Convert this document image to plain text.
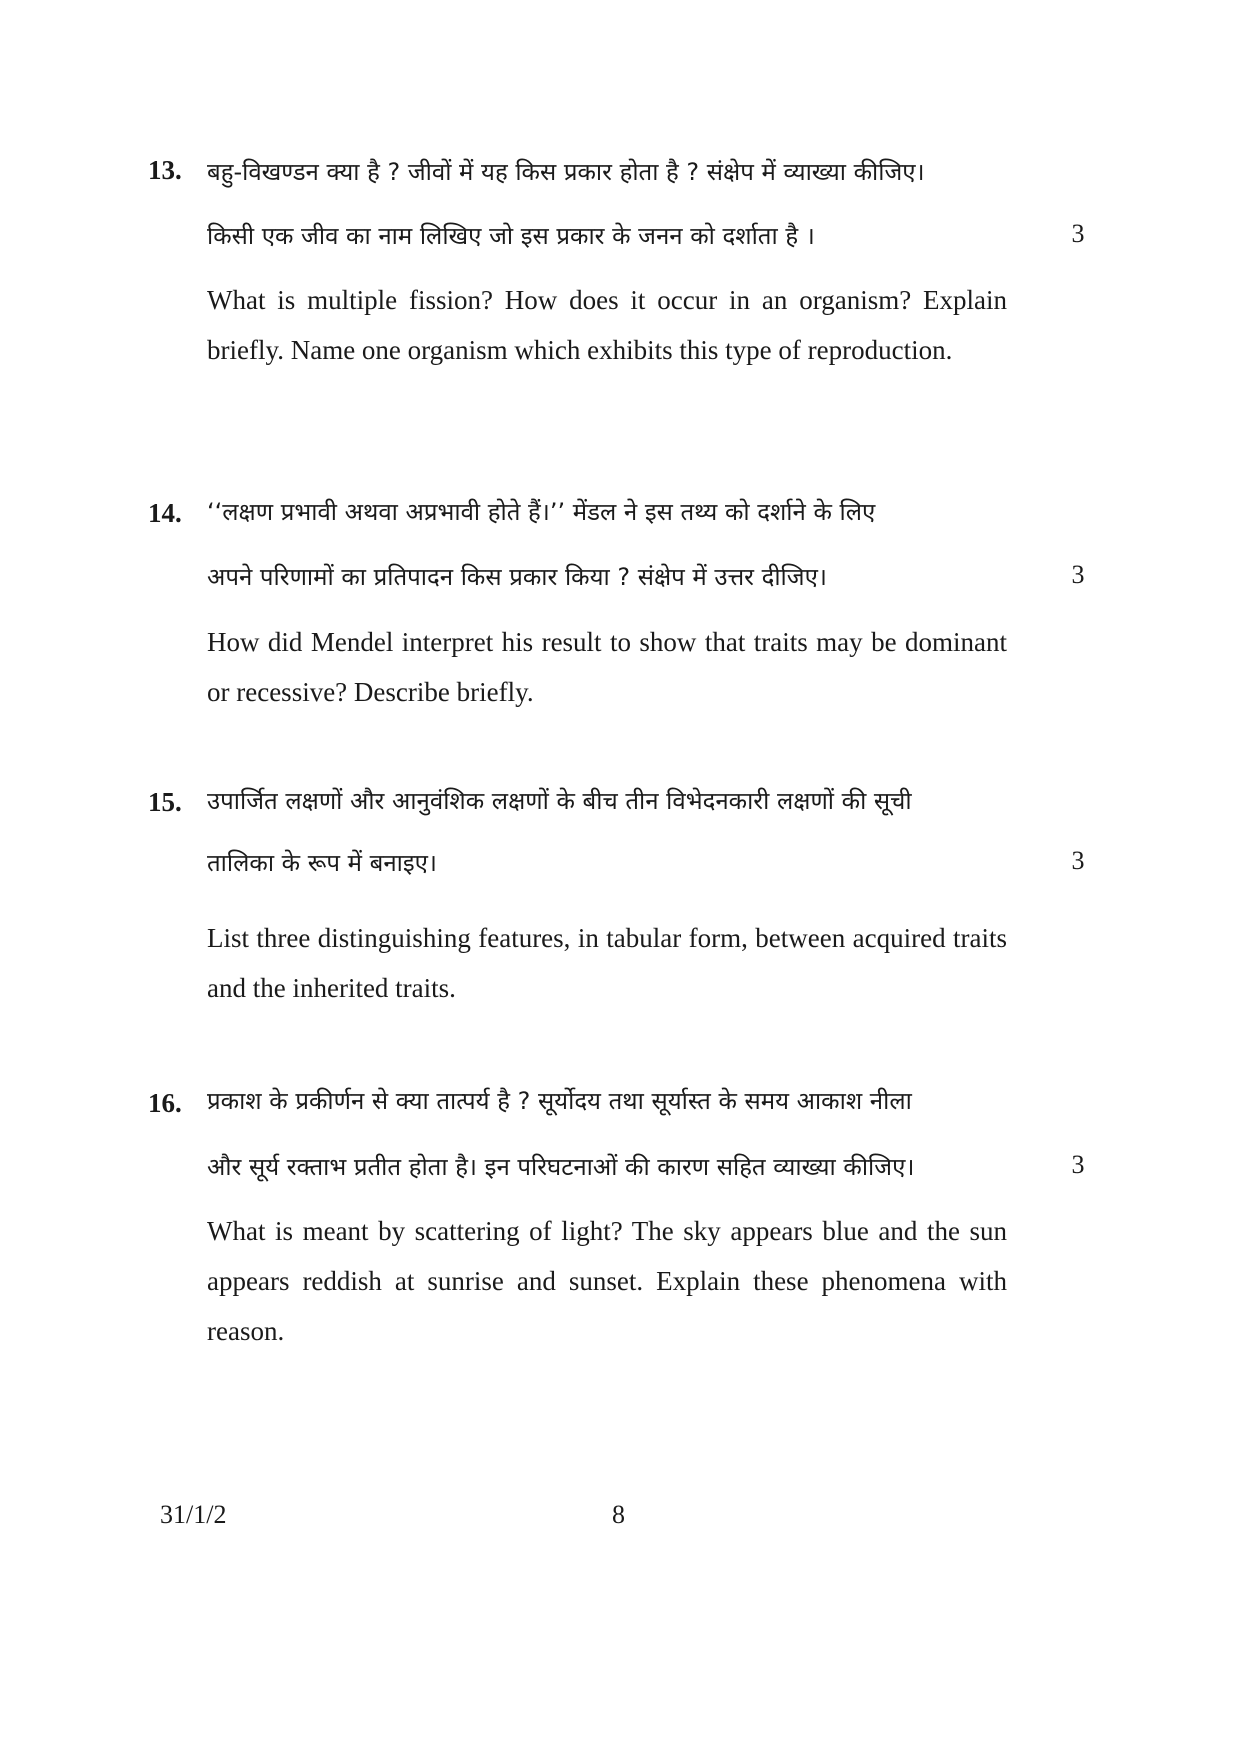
13. बहु-विखण्डन क्या है ? जीवों में यह किस प्रकार होता है ? संक्षेप में व्याख्या कीजिए।
किसी एक जीव का नाम लिखिए जो इस प्रकार के जनन को दर्शाता है ।	3
What is multiple fission? How does it occur in an organism? Explain briefly. Name one organism which exhibits this type of reproduction.
14. ‘‘लक्षण प्रभावी अथवा अप्रभावी होते हैं।’’ मेंडल ने इस तथ्य को दर्शाने के लिए
अपने परिणामों का प्रतिपादन किस प्रकार किया ? संक्षेप में उत्तर दीजिए।	3
How did Mendel interpret his result to show that traits may be dominant or recessive? Describe briefly.
15. उपार्जित लक्षणों और आनुवंशिक लक्षणों के बीच तीन विभेदनकारी लक्षणों की सूची
तालिका के रूप में बनाइए।	3
List three distinguishing features, in tabular form, between acquired traits and the inherited traits.
16. प्रकाश के प्रकीर्णन से क्या तात्पर्य है ? सूर्योदय तथा सूर्यास्त के समय आकाश नीला
और सूर्य रक्ताभ प्रतीत होता है। इन परिघटनाओं की कारण सहित व्याख्या कीजिए।	3
What is meant by scattering of light? The sky appears blue and the sun appears reddish at sunrise and sunset. Explain these phenomena with reason.
31/1/2	8
